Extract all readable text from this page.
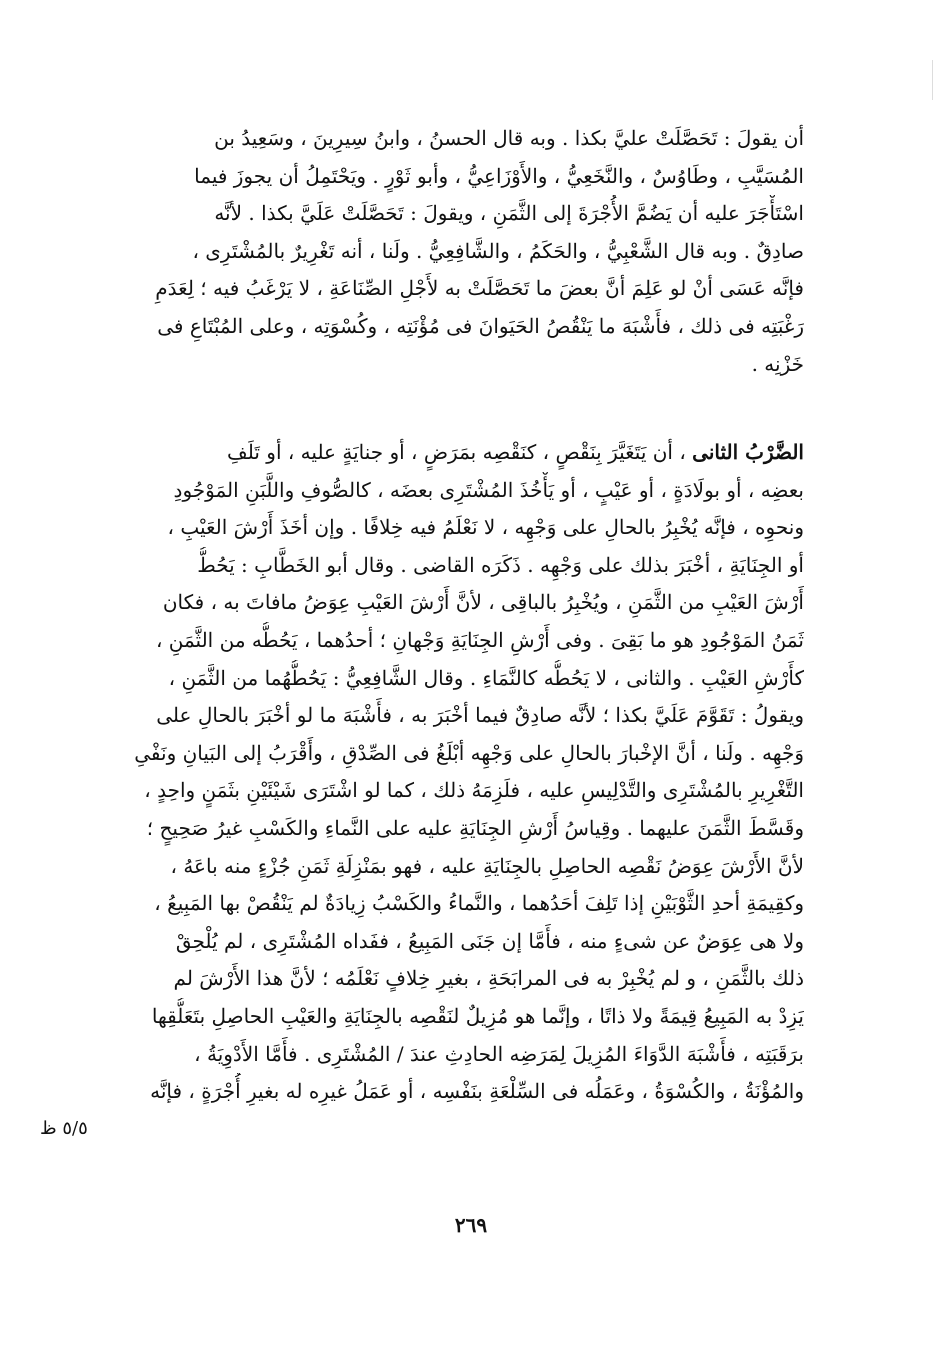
أن يقولَ : تَحَصَّلَتْ عليَّ بكذا . وبه قال الحسنُ ، وابنُ سِيرِينَ ، وسَعِيدُ بن
المُسَيَّبِ ، وطَاوُسٌ ، والنَّخَعِيُّ ، والأَوْزَاعِيُّ ، وأبو ثَوْرٍ . ويَحْتَمِلُ أن يجوزَ فيما
اسْتَأْجَرَ عليه أن يَضُمَّ الأُجْرَةَ إلى الثَّمَنِ ، ويقولَ : تَحَصَّلَتْ عَلَيَّ بكذا . لأنَّه
صادِقٌ . وبه قال الشَّعْبِيُّ ، والحَكَمُ ، والشَّافِعِيُّ . ولَنا ، أنه تَغْرِيرٌ بالمُشْتَرِى ،
فإنَّه عَسَى أنْ لو عَلِمَ أنَّ بعضَ ما تَحَصَّلَتْ به لأَجْلِ الصِّنَاعَةِ ، لا يَرْغَبُ فيه ؛ لِعَدَمِ
رَغْبَتِه فى ذلك ، فأَشْبَهَ ما يَنْقُصُ الحَيَوانَ فى مُؤْنَتِه ، وكُسْوَتِه ، وعلى المُبْتَاعِ فى
خَزْنِه .
الضَّرْبُ الثانى ، أن يَتَغَيَّرَ بِنَقْصٍ ، كنَقْصِه بمَرَضٍ ، أو جنايَةٍ عليه ، أو تَلَفِ
بعضِه ، أو بولَادَةٍ ، أو عَيْبٍ ، أو يَأْخُذَ المُشْتَرِى بعضَه ، كالصُّوفِ واللَّبَنِ المَوْجُودِ
ونحوِه ، فإنَّه يُخْبِرُ بالحالِ على وَجْهِه ، لا نَعْلَمُ فيه خِلافًا . وإن أخَذَ أَرْشَ العَيْبِ ،
أو الجِنَايَةِ ، أخْبَرَ بذلك على وَجْهِه . ذَكَرَه القاضى . وقال أبو الخَطَّابِ : يَحُطُّ
أَرْشَ العَيْبِ من الثَّمَنِ ، ويُخْبِرُ بالباقِى ، لأنَّ أَرْشَ العَيْبِ عِوَضُ مافاتَ به ، فكان
ثَمَنُ المَوْجُودِ هو ما بَقِىَ . وفى أَرْشِ الجِنَايَةِ وَجْهانِ ؛ أحدُهما ، يَحُطُّه من الثَّمَنِ ،
كأَرْشِ العَيْبِ . والثانى ، لا يَحُطُّه كالنَّمَاءِ . وقال الشَّافِعِيُّ : يَحُطُّهُما من الثَّمَنِ ،
ويقولُ : تَقَوَّمَ عَلَيَّ بكذا ؛ لأنَّه صادِقٌ فيما أخْبَرَ به ، فأَشْبَهَ ما لو أخْبَرَ بالحالِ على
وَجْهِه . ولَنا ، أنَّ الإخْبارَ بالحالِ على وَجْهِه أبْلَغُ فى الصِّدْقِ ، وأَقْرَبُ إلى البَيانِ ونَفْىِ
التَّغْرِيرِ بالمُشْتَرِى والتَّدْلِيسِ عليه ، فلَزِمَهُ ذلك ، كما لو اشْتَرَى شَيْئَيْنِ بثَمَنٍ واحِدٍ ،
وقَسَّطَ الثَّمَنَ عليهما . وقِياسُ أَرْشِ الجِنَايَةِ عليه على النَّماءِ والكَسْبِ غيرُ صَحِيحٍ ؛
لأنَّ الأَرْشَ عِوَضُ نَقْصِه الحاصِلِ بالجِنَايَةِ عليه ، فهو بمَنْزِلَةِ ثَمَنِ جُزْءٍ منه باعَهُ ،
وكقِيمَةِ أحدِ الثَّوْبَيْنِ إذا تَلِفَ أحَدُهما ، والنَّماءُ والكَسْبُ زِيادَةٌ لم يَنْقُصْ بها المَبِيعُ ،
ولا هى عِوَضٌ عن شىءٍ منه ، فأَمَّا إن جَنَى المَبِيعُ ، ففَداه المُشْتَرِى ، لم يُلْحِقْ
ذلك بالثَّمَنِ ، و لم يُخْبِرْ به فى المرابَحَةِ ، بغيرِ خِلافٍ نَعْلَمُه ؛ لأنَّ هذا الأَرْشَ لم
يَزِدْ به المَبِيعُ قِيمَةً ولا ذاتًا ، وإنَّما هو مُزِيلٌ لنَقْصِه بالجِنَايَةِ والعَيْبِ الحاصِلِ بتَعَلُّقِها
برَقَبَتِه ، فأَشْبَهَ الدَّوَاءَ المُزِيلَ لِمَرَضِه الحادِثِ عندَ / المُشْتَرِى . فأَمَّا الأَدْوِيَةُ ،
والمُؤْنَةُ ، والكُسْوَةُ ، وعَمَلُه فى السِّلْعَةِ بنَفْسِه ، أو عَمَلُ غيرِه له بغيرِ أُجْرَةٍ ، فإنَّه
٥/٥ ظ
٢٦٩
